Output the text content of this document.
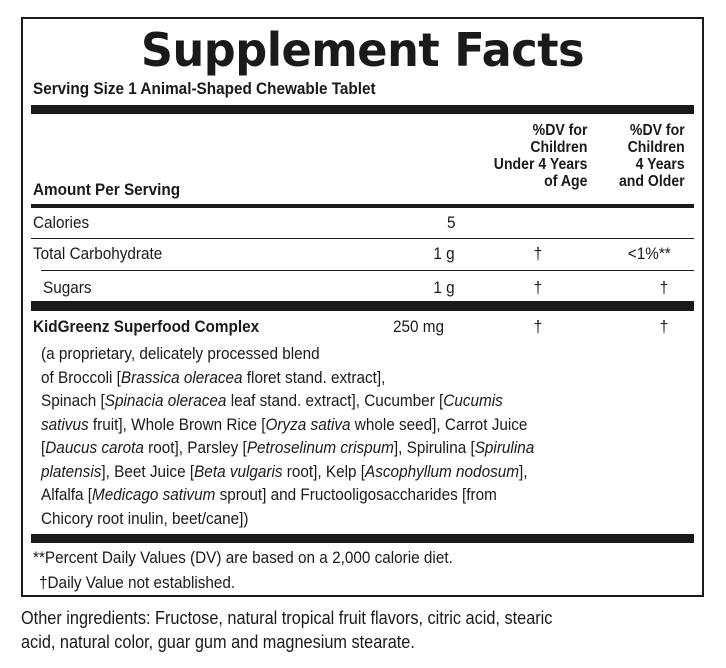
Supplement Facts
Serving Size 1 Animal-Shaped Chewable Tablet
%DV for
Children
Under 4 Years
of Age
%DV for
Children
4 Years
and Older
Amount Per Serving
Calories	5
Total Carbohydrate	1 g	†	<1%**
Sugars	1 g	†	†
KidGreenz Superfood Complex	250 mg	†	†
(a proprietary, delicately processed blend
of Broccoli [Brassica oleracea floret stand. extract],
Spinach [Spinacia oleracea leaf stand. extract], Cucumber [Cucumis
sativus fruit], Whole Brown Rice [Oryza sativa whole seed], Carrot Juice
[Daucus carota root], Parsley [Petroselinum crispum], Spirulina [Spirulina
platensis], Beet Juice [Beta vulgaris root], Kelp [Ascophyllum nodosum],
Alfalfa [Medicago sativum sprout] and Fructooligosaccharides [from
Chicory root inulin, beet/cane])
**Percent Daily Values (DV) are based on a 2,000 calorie diet.
†Daily Value not established.
Other ingredients: Fructose, natural tropical fruit flavors, citric acid, stearic
acid, natural color, guar gum and magnesium stearate.
